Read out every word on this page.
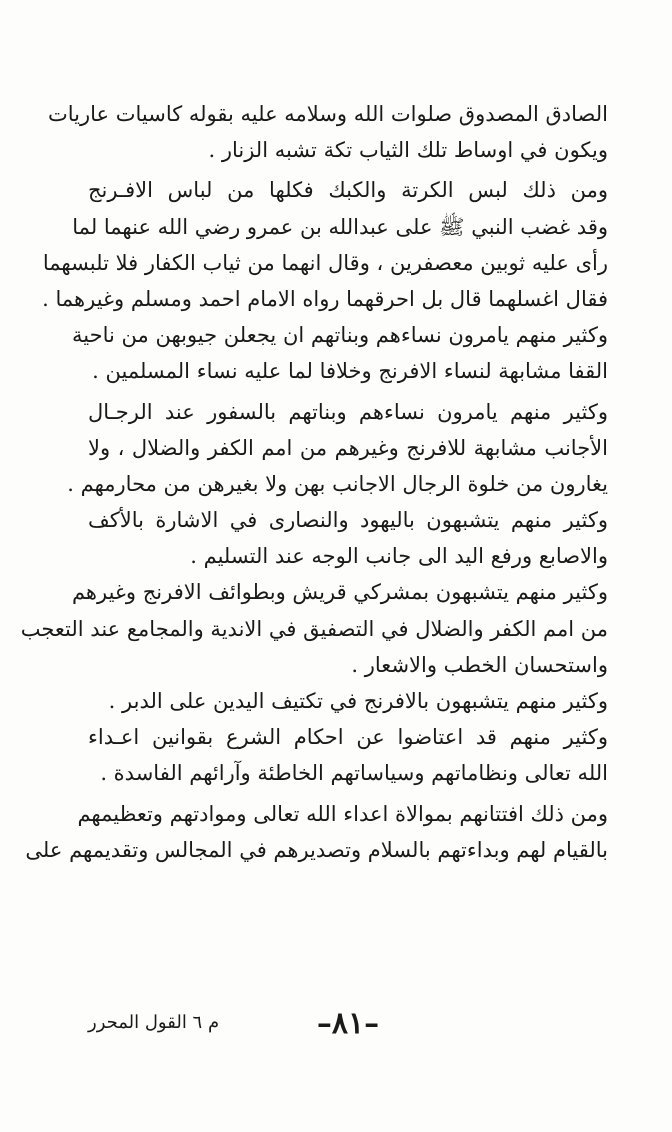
الصادق المصدوق صلوات الله وسلامه عليه بقوله كاسيات عاريات
ويكون في اوساط تلك الثياب تكة تشبه الزنار .
ومن ذلك لبس الكرتة والكبك فكلها من لباس الافـرنج
وقد غضب النبي ﷺ على عبدالله بن عمرو رضي الله عنهما لما
رأى عليه ثوبين معصفرين ، وقال انهما من ثياب الكفار فلا تلبسهما
فقال اغسلهما قال بل احرقهما رواه الامام احمد ومسلم وغيرهما .
وكثير منهم يامرون نساءهم وبناتهم ان يجعلن جيوبهن من ناحية
القفا مشابهة لنساء الافرنج وخلافا لما عليه نساء المسلمين .
وكثير منهم يامرون نساءهم وبناتهم بالسفور عند الرجـال
الأجانب مشابهة للافرنج وغيرهم من امم الكفر والضلال ، ولا
يغارون من خلوة الرجال الاجانب بهن ولا بغيرهن من محارمهم .
وكثير منهم يتشبهون باليهود والنصارى في الاشارة بالأكف
والاصابع ورفع اليد الى جانب الوجه عند التسليم .
وكثير منهم يتشبهون بمشركي قريش وبطوائف الافرنج وغيرهم
من امم الكفر والضلال في التصفيق في الاندية والمجامع عند التعجب
واستحسان الخطب والاشعار .
وكثير منهم يتشبهون بالافرنج في تكتيف اليدين على الدبر .
وكثير منهم قد اعتاضوا عن احكام الشرع بقوانين اعـداء
الله تعالى ونظاماتهم وسياساتهم الخاطئة وآرائهم الفاسدة .
ومن ذلك افتتانهم بموالاة اعداء الله تعالى وموادتهم وتعظيمهم
بالقيام لهم وبداءتهم بالسلام وتصديرهم في المجالس وتقديمهم على
–٨١–
م ٦ القول المحرر
